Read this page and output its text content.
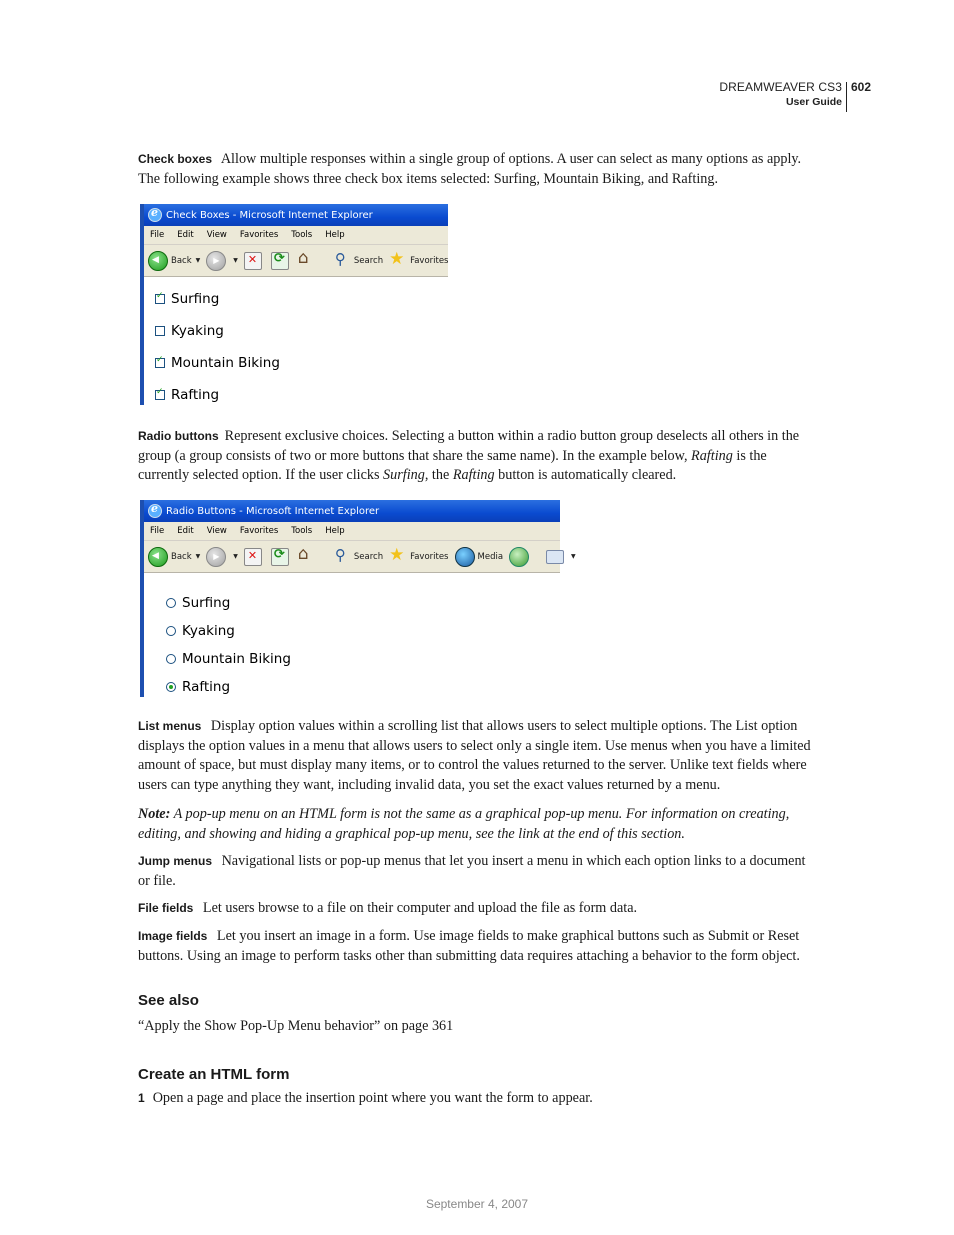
DREAMWEAVER CS3
User Guide
602
Check boxes Allow multiple responses within a single group of options. A user can select as many options as apply. The following example shows three check box items selected: Surfing, Mountain Biking, and Rafting.
e
Check Boxes - Microsoft Internet Explorer
File Edit View Favorites Tools Help
◀
Back ▼ ▶	▼ ✕ ⟳ ⌂ ⚲	Search ★	Favorites
✓
Surfing
Kyaking
✓
Mountain Biking
✓
Rafting
Radio buttons Represent exclusive choices. Selecting a button within a radio button group deselects all others in the group (a group consists of two or more buttons that share the same name). In the example below, Rafting is the currently selected option. If the user clicks Surfing, the Rafting button is automatically cleared.
e
Radio Buttons - Microsoft Internet Explorer
File Edit View Favorites Tools Help
◀
Back ▼ ▶	▼ ✕ ⟳ ⌂ ⚲	Search ★	Favorites	Media	▼
Surfing
Kyaking
Mountain Biking
Rafting
List menus Display option values within a scrolling list that allows users to select multiple options. The List option displays the option values in a menu that allows users to select only a single item. Use menus when you have a limited amount of space, but must display many items, or to control the values returned to the server. Unlike text fields where users can type anything they want, including invalid data, you set the exact values returned by a menu.
Note: A pop-up menu on an HTML form is not the same as a graphical pop-up menu. For information on creating, editing, and showing and hiding a graphical pop-up menu, see the link at the end of this section.
Jump menus Navigational lists or pop-up menus that let you insert a menu in which each option links to a document or file.
File fields Let users browse to a file on their computer and upload the file as form data.
Image fields Let you insert an image in a form. Use image fields to make graphical buttons such as Submit or Reset buttons. Using an image to perform tasks other than submitting data requires attaching a behavior to the form object.
See also
“Apply the Show Pop-Up Menu behavior” on page 361
Create an HTML form
1 Open a page and place the insertion point where you want the form to appear.
September 4, 2007
